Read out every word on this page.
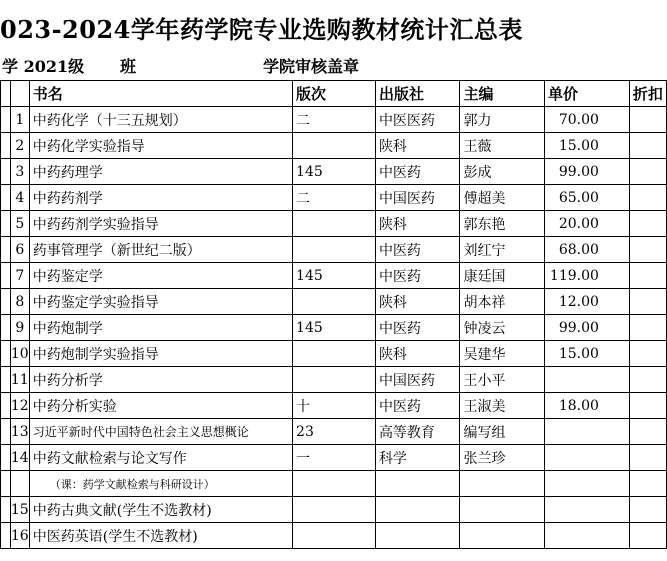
023-2024学年药学院专业选购教材统计汇总表
学 2021级 班	学院审核盖章
		书名	版次	出版社	主编	单价	折扣
	1	中药化学（十三五规划）	二	中医医药	郭力	70.00	
	2	中药化学实验指导		陕科	王薇	15.00	
	3	中药药理学	145	中医药	彭成	99.00	
	4	中药药剂学	二	中国医药	傅超美	65.00	
	5	中药药剂学实验指导		陕科	郭东艳	20.00	
	6	药事管理学（新世纪二版）		中医药	刘红宁	68.00	
	7	中药鉴定学	145	中医药	康廷国	119.00	
	8	中药鉴定学实验指导		陕科	胡本祥	12.00	
	9	中药炮制学	145	中医药	钟凌云	99.00	
	10	中药炮制学实验指导		陕科	吴建华	15.00	
	11	中药分析学		中国医药	王小平		
	12	中药分析实验	十	中医药	王淑美	18.00	
	13	习近平新时代中国特色社会主义思想概论	23	高等教育	编写组		
	14	中药文献检索与论文写作	一	科学	张兰珍		
		（课：药学文献检索与科研设计）					
	15	中药古典文献(学生不选教材)					
	16	中医药英语(学生不选教材)					
